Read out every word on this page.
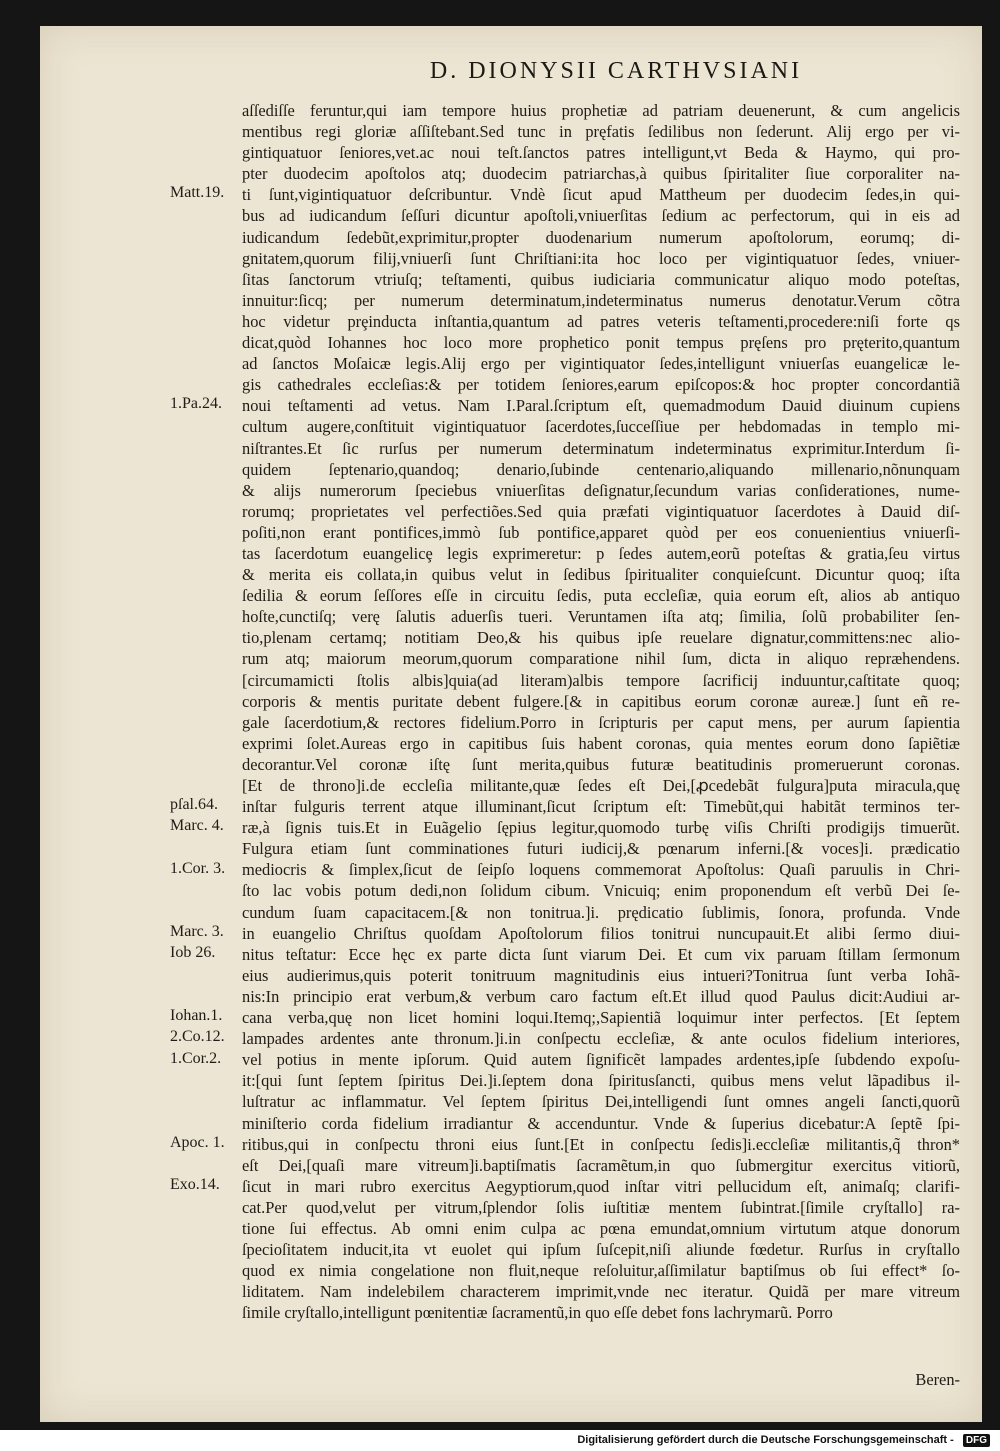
D. DIONYSII CARTHVSIANI
aſſediſſe feruntur,qui iam tempore huius prophetiæ ad patriam deuenerunt, & cum angelicis
mentibus regi gloriæ aſſiſtebant.Sed tunc in pręfatis ſedilibus non ſederunt. Alij ergo per vi-
gintiquatuor ſeniores,vet.ac noui teſt.ſanctos patres intelligunt,vt Beda & Haymo, qui pro-
pter duodecim apoſtolos atq; duodecim patriarchas,à quibus ſpiritaliter ſiue corporaliter na-
ti ſunt,vigintiquatuor deſcribuntur. Vndè ſicut apud Mattheum per duodecim ſedes,in qui-
bus ad iudicandum ſeſſuri dicuntur apoſtoli,vniuerſitas ſedium ac perfectorum, qui in eis ad
iudicandum ſedebũt,exprimitur,propter duodenarium numerum apoſtolorum, eorumq; di-
gnitatem,quorum filij,vniuerſi ſunt Chriſtiani:ita hoc loco per vigintiquatuor ſedes, vniuer-
ſitas ſanctorum vtriuſq; teſtamenti, quibus iudiciaria communicatur aliquo modo poteſtas,
innuitur:ſicq; per numerum determinatum,indeterminatus numerus denotatur.Verum cõtra
hoc videtur prȩinducta inſtantia,quantum ad patres veteris teſtamenti,procedere:niſi forte qs
dicat,quòd Iohannes hoc loco more prophetico ponit tempus pręſens pro pręterito,quantum
ad ſanctos Moſaicæ legis.Alij ergo per vigintiquator ſedes,intelligunt vniuerſas euangelicæ le-
gis cathedrales eccleſias:& per totidem ſeniores,earum epiſcopos:& hoc propter concordantiã
noui teſtamenti ad vetus. Nam I.Paral.ſcriptum eſt, quemadmodum Dauid diuinum cupiens
cultum augere,conſtituit vigintiquatuor ſacerdotes,ſucceſſiue per hebdomadas in templo mi-
niſtrantes.Et ſic rurſus per numerum determinatum indeterminatus exprimitur.Interdum ſi-
quidem ſeptenario,quandoq; denario,ſubinde centenario,aliquando millenario,nõnunquam
& alijs numerorum ſpeciebus vniuerſitas deſignatur,ſecundum varias conſiderationes, nume-
rorumq; proprietates vel perfectiões.Sed quia præfati vigintiquatuor ſacerdotes à Dauid diſ-
poſiti,non erant pontifices,immò ſub pontifice,apparet quòd per eos conuenientius vniuerſi-
tas ſacerdotum euangelicȩ legis exprimeretur: p ſedes autem,eorũ poteſtas & gratia,ſeu virtus
& merita eis collata,in quibus velut in ſedibus ſpiritualiter conquieſcunt. Dicuntur quoq; iſta
ſedilia & eorum ſeſſores eſſe in circuitu ſedis, puta eccleſiæ, quia eorum eſt, alios ab antiquo
hoſte,cunctiſq; verę ſalutis aduerſis tueri. Veruntamen iſta atq; ſimilia, ſolũ probabiliter ſen-
tio,plenam certamq; notitiam Deo,& his quibus ipſe reuelare dignatur,committens:nec alio-
rum atq; maiorum meorum,quorum comparatione nihil ſum, dicta in aliquo repræhendens.
[circumamicti ſtolis albis]quia(ad literam)albis tempore ſacrificij induuntur,caſtitate quoq;
corporis & mentis puritate debent fulgere.[& in capitibus eorum coronæ aureæ.] ſunt eñ re-
gale ſacerdotium,& rectores fidelium.Porro in ſcripturis per caput mens, per aurum ſapientia
exprimi ſolet.Aureas ergo in capitibus ſuis habent coronas, quia mentes eorum dono ſapiẽtiæ
decorantur.Vel coronæ iſtę ſunt merita,quibus futuræ beatitudinis promeruerunt coronas.
[Et de throno]i.de eccleſia militante,quæ ſedes eſt Dei,[ꝓcedebãt fulgura]puta miracula,quę
inſtar fulguris terrent atque illuminant,ſicut ſcriptum eſt: Timebũt,qui habitãt terminos ter-
ræ,à ſignis tuis.Et in Euãgelio ſępius legitur,quomodo turbę viſis Chriſti prodigijs timuerũt.
Fulgura etiam ſunt comminationes futuri iudicij,& pœnarum inferni.[& voces]i. prædicatio
mediocris & ſimplex,ſicut de ſeipſo loquens commemorat Apoſtolus: Quaſi paruulis in Chri-
ſto lac vobis potum dedi,non ſolidum cibum. Vnicuiq; enim proponendum eſt verbũ Dei ſe-
cundum ſuam capacitacem.[& non tonitrua.]i. prędicatio ſublimis, ſonora, profunda. Vnde
in euangelio Chriſtus quoſdam Apoſtolorum filios tonitrui nuncupauit.Et alibi ſermo diui-
nitus teſtatur: Ecce hęc ex parte dicta ſunt viarum Dei. Et cum vix paruam ſtillam ſermonum
eius audierimus,quis poterit tonitruum magnitudinis eius intueri?Tonitrua ſunt verba Iohã-
nis:In principio erat verbum,& verbum caro factum eſt.Et illud quod Paulus dicit:Audiui ar-
cana verba,quę non licet homini loqui.Itemq;,Sapientiã loquimur inter perfectos. [Et ſeptem
lampades ardentes ante thronum.]i.in conſpectu eccleſiæ, & ante oculos fidelium interiores,
vel potius in mente ipſorum. Quid autem ſignificẽt lampades ardentes,ipſe ſubdendo expoſu-
it:[qui ſunt ſeptem ſpiritus Dei.]i.ſeptem dona ſpiritusſancti, quibus mens velut lãpadibus il-
luſtratur ac inflammatur. Vel ſeptem ſpiritus Dei,intelligendi ſunt omnes angeli ſancti,quorũ
miniſterio corda fidelium irradiantur & accenduntur. Vnde & ſuperius dicebatur:A ſeptẽ ſpi-
ritibus,qui in conſpectu throni eius ſunt.[Et in conſpectu ſedis]i.eccleſiæ militantis,q̃ thron*
eſt Dei,[quaſi mare vitreum]i.baptiſmatis ſacramẽtum,in quo ſubmergitur exercitus vitiorũ,
ſicut in mari rubro exercitus Aegyptiorum,quod inſtar vitri pellucidum eſt, animaſq; clarifi-
cat.Per quod,velut per vitrum,ſplendor ſolis iuſtitiæ mentem ſubintrat.[ſimile cryſtallo] ra-
tione ſui effectus. Ab omni enim culpa ac pœna emundat,omnium virtutum atque donorum
ſpecioſitatem inducit,ita vt euolet qui ipſum ſuſcepit,niſi aliunde fœdetur. Rurſus in cryſtallo
quod ex nimia congelatione non fluit,neque reſoluitur,aſſimilatur baptiſmus ob ſui effect* ſo-
liditatem. Nam indelebilem characterem imprimit,vnde nec iteratur. Quidã per mare vitreum
ſimile cryſtallo,intelligunt pœnitentiæ ſacramentũ,in quo eſſe debet fons lachrymarũ. Porro
Matt.19.
1.Pa.24.
pſal.64.
Marc. 4.
1.Cor. 3.
Marc. 3.
Iob 26.
Iohan.1.
2.Co.12.
1.Cor.2.
Apoc. 1.
Exo.14.
Beren-
Digitalisierung gefördert durch die Deutsche Forschungsgemeinschaft - DFG
